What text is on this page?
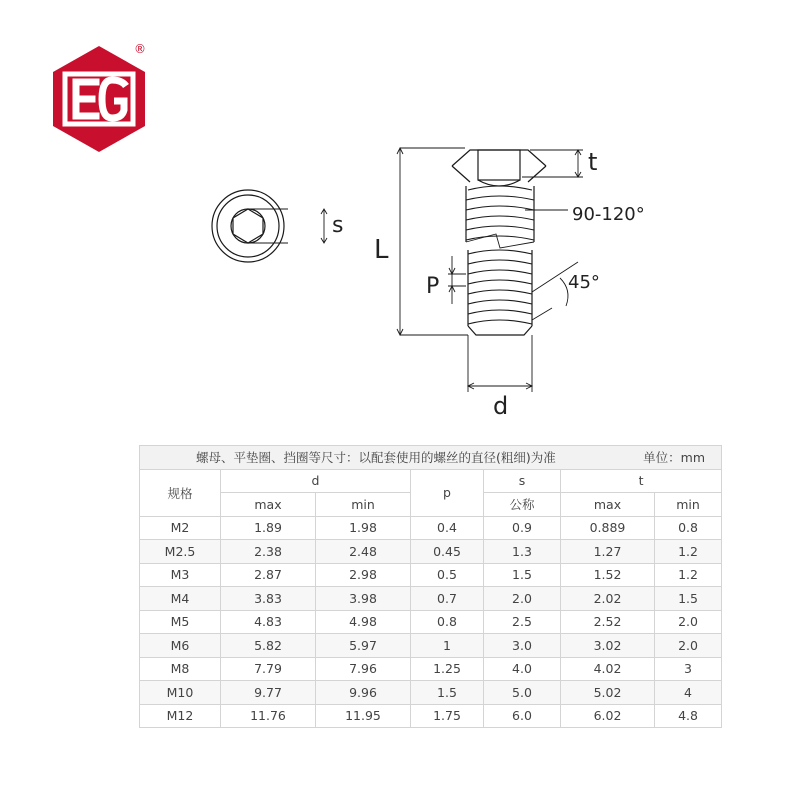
®
s
t
90-120°
L
P	45°
d
螺母、平垫圈、挡圈等尺寸：以配套使用的螺丝的直径(粗细)为准 单位：mm						

规格	d		p	s	t	
	max	min		公称	max	min
M2	1.89	1.98	0.4	0.9	0.889	0.8
M2.5	2.38	2.48	0.45	1.3	1.27	1.2
M3	2.87	2.98	0.5	1.5	1.52	1.2
M4	3.83	3.98	0.7	2.0	2.02	1.5
M5	4.83	4.98	0.8	2.5	2.52	2.0
M6	5.82	5.97	1	3.0	3.02	2.0
M8	7.79	7.96	1.25	4.0	4.02	3
M10	9.77	9.96	1.5	5.0	5.02	4
M12	11.76	11.95	1.75	6.0	6.02	4.8
